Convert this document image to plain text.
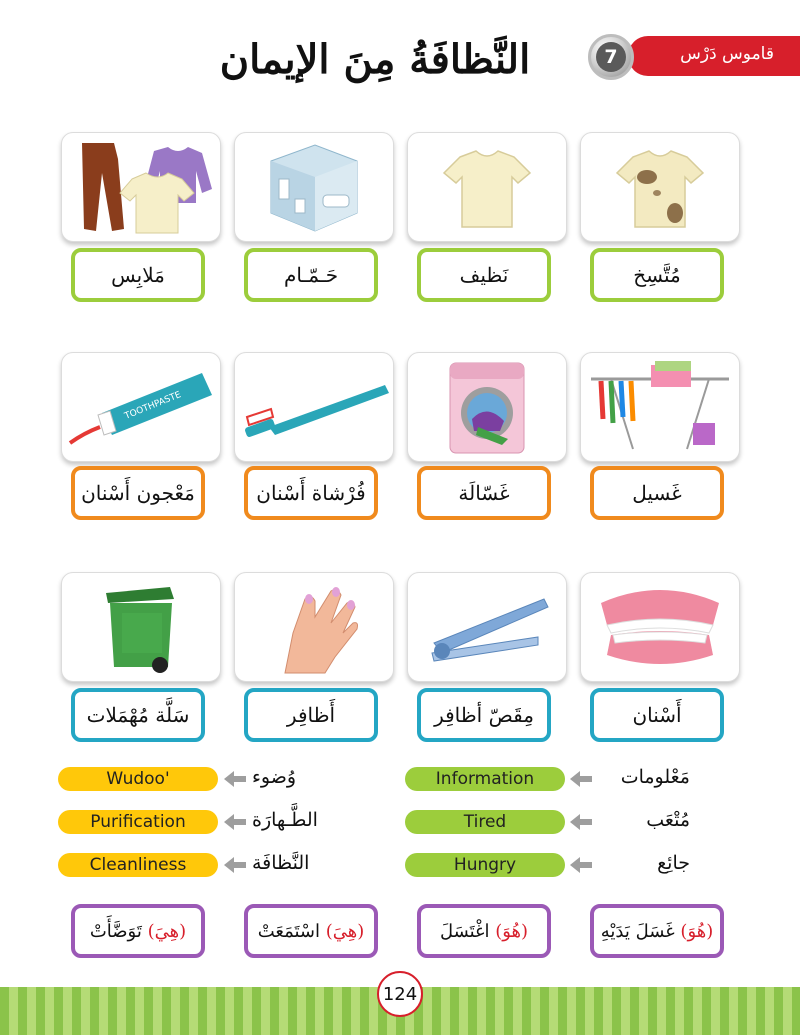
قاموس دَرْس
7
النَّظافَةُ مِنَ الإيمان
مُتَّسِخ
نَظيف
حَـمّـام
مَلابِس
TOOTHPASTE
غَسيل
غَسّالَة
فُرْشاة أَسْنان
مَعْجون أَسْنان
أَسْنان
مِقَصّ أظافِر
أَظافِر
سَلَّة مُهْمَلات
مَعْلومات
Information
مُتْعَب
Tired
جائِع
Hungry
وُضوء
Wudoo'
الطَّـهارَة
Purification
النَّظافَة
Cleanliness
(هُوَ)

غَسَلَ يَدَيْهِ
(هُوَ)

اغْتَسَلَ
(هِيَ)

اسْتَمَعَتْ
(هِيَ)

تَوَضَّأَتْ
124
